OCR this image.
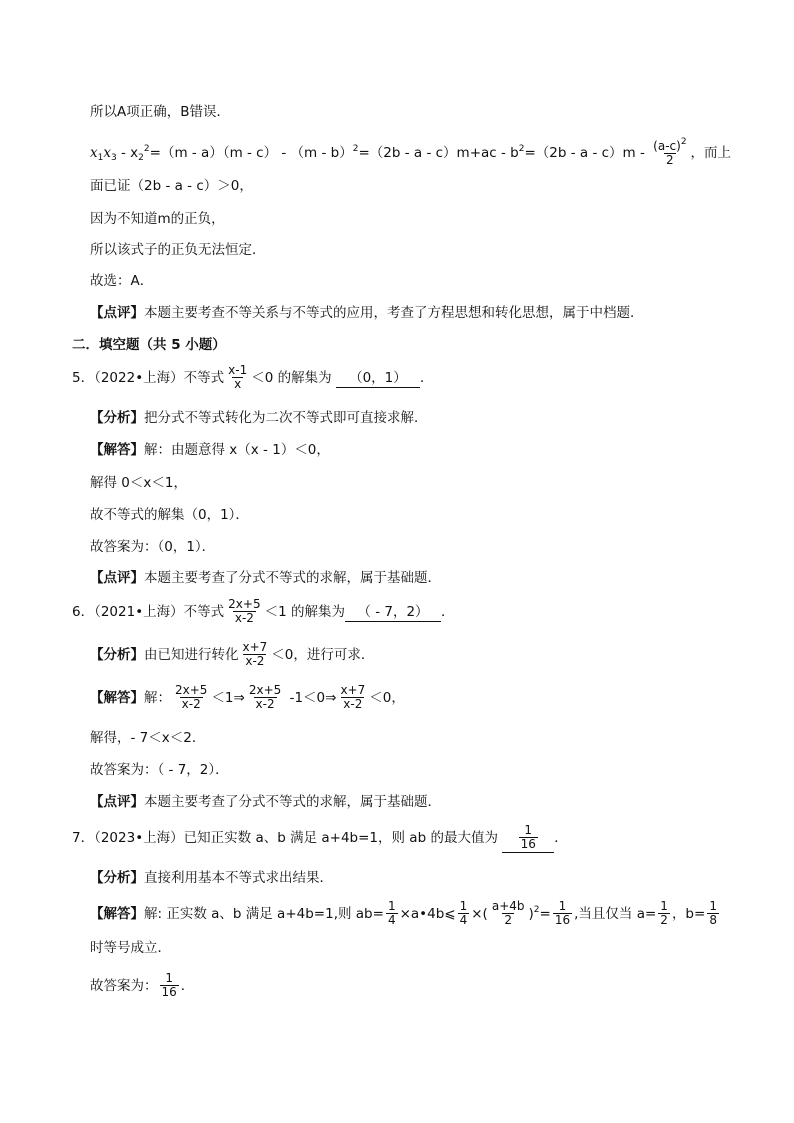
所以A项正确，B错误．
$x_1x_3 - x_2^2=(m - a)(m - c) - (m - b)^2=(2b - a - c)m+ac - b^2=(2b - a - c)m - \frac{(a-c)^2}{2}$ ，而上
面已证（2b - a - c）＞0，
因为不知道m的正负，
所以该式子的正负无法恒定．
故选：A．
【点评】本题主要考查不等关系与不等式的应用，考查了方程思想和转化思想，属于中档题．
二．填空题（共 5 小题）
5．（2022•上海）不等式 $\frac{x-1}{x} <0$ 的解集为 （0，1） ．
【分析】把分式不等式转化为二次不等式即可直接求解．
【解答】解：由题意得 x（x - 1）＜0，
解得 0＜x＜1，
故不等式的解集（0，1）．
故答案为：（0，1）．
【点评】本题主要考查了分式不等式的求解，属于基础题．
6．（2021•上海）不等式 $\frac{2x+5}{x-2} <1$ 的解集为 （ - 7，2） ．
【分析】由已知进行转化 $\frac{x+7}{x-2} <0$，进行可求．
【解答】解： $\frac{2x+5}{x-2}$ ＜1⇒ $\frac{2x+5}{x-2}$ -1＜0⇒ $\frac{x+7}{x-2} <0$，
解得，- 7＜x＜2．
故答案为：（ - 7，2）．
【点评】本题主要考查了分式不等式的求解，属于基础题．
7．（2023•上海）已知正实数 a、b 满足 a+4b=1，则 ab 的最大值为 $\frac{1}{16}$ ．
【分析】直接利用基本不等式求出结果．
【解答】解: 正实数 a、b 满足 a+4b=1,则 $ab= \frac{1}{4}$ ×a•4b⩽ $\frac{1}{4}$ ×( $\frac{a+4b}{2} )^2= \frac{1}{16}$ ,当且仅当 $a= \frac{1}{2}$ ，$b= \frac{1}{8}$
时等号成立．
故答案为： $\frac{1}{16}$ ．
